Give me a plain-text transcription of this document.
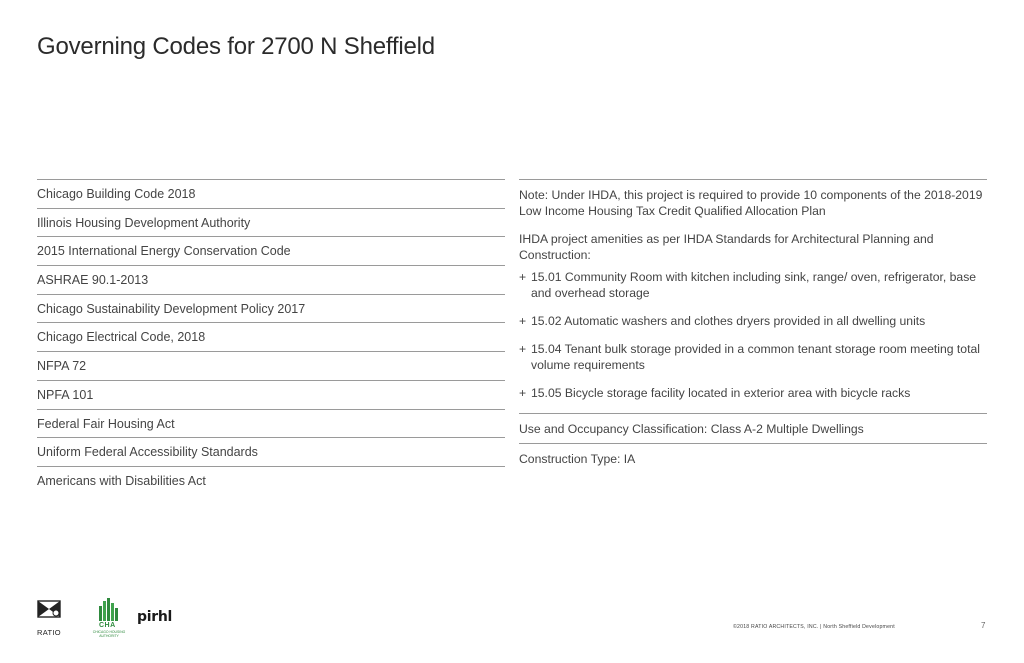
Governing Codes for 2700 N Sheffield
Chicago Building Code 2018
Illinois Housing Development Authority
2015 International Energy Conservation Code
ASHRAE 90.1-2013
Chicago Sustainability Development Policy 2017
Chicago Electrical Code, 2018
NFPA 72
NPFA 101
Federal Fair Housing Act
Uniform Federal Accessibility Standards
Americans with Disabilities Act

Note: Under IHDA, this project is required to provide 10 components of the 2018-2019 Low Income Housing Tax Credit Qualified Allocation Plan

IHDA project amenities as per IHDA Standards for Architectural Planning and Construction:

+ 15.01 Community Room with kitchen including sink, range/ oven, refrigerator, base and overhead storage
+ 15.02 Automatic washers and clothes dryers provided in all dwelling units
+ 15.04 Tenant bulk storage provided in a common tenant storage room meeting total volume requirements
+ 15.05 Bicycle storage facility located in exterior area with bicycle racks
Use and Occupancy Classification: Class A-2 Multiple Dwellings
Construction Type: IA
RATIO
CHA
CHICAGO HOUSING AUTHORITY
pirhl
©2018 RATIO ARCHITECTS, INC. | North Sheffield Development	7
